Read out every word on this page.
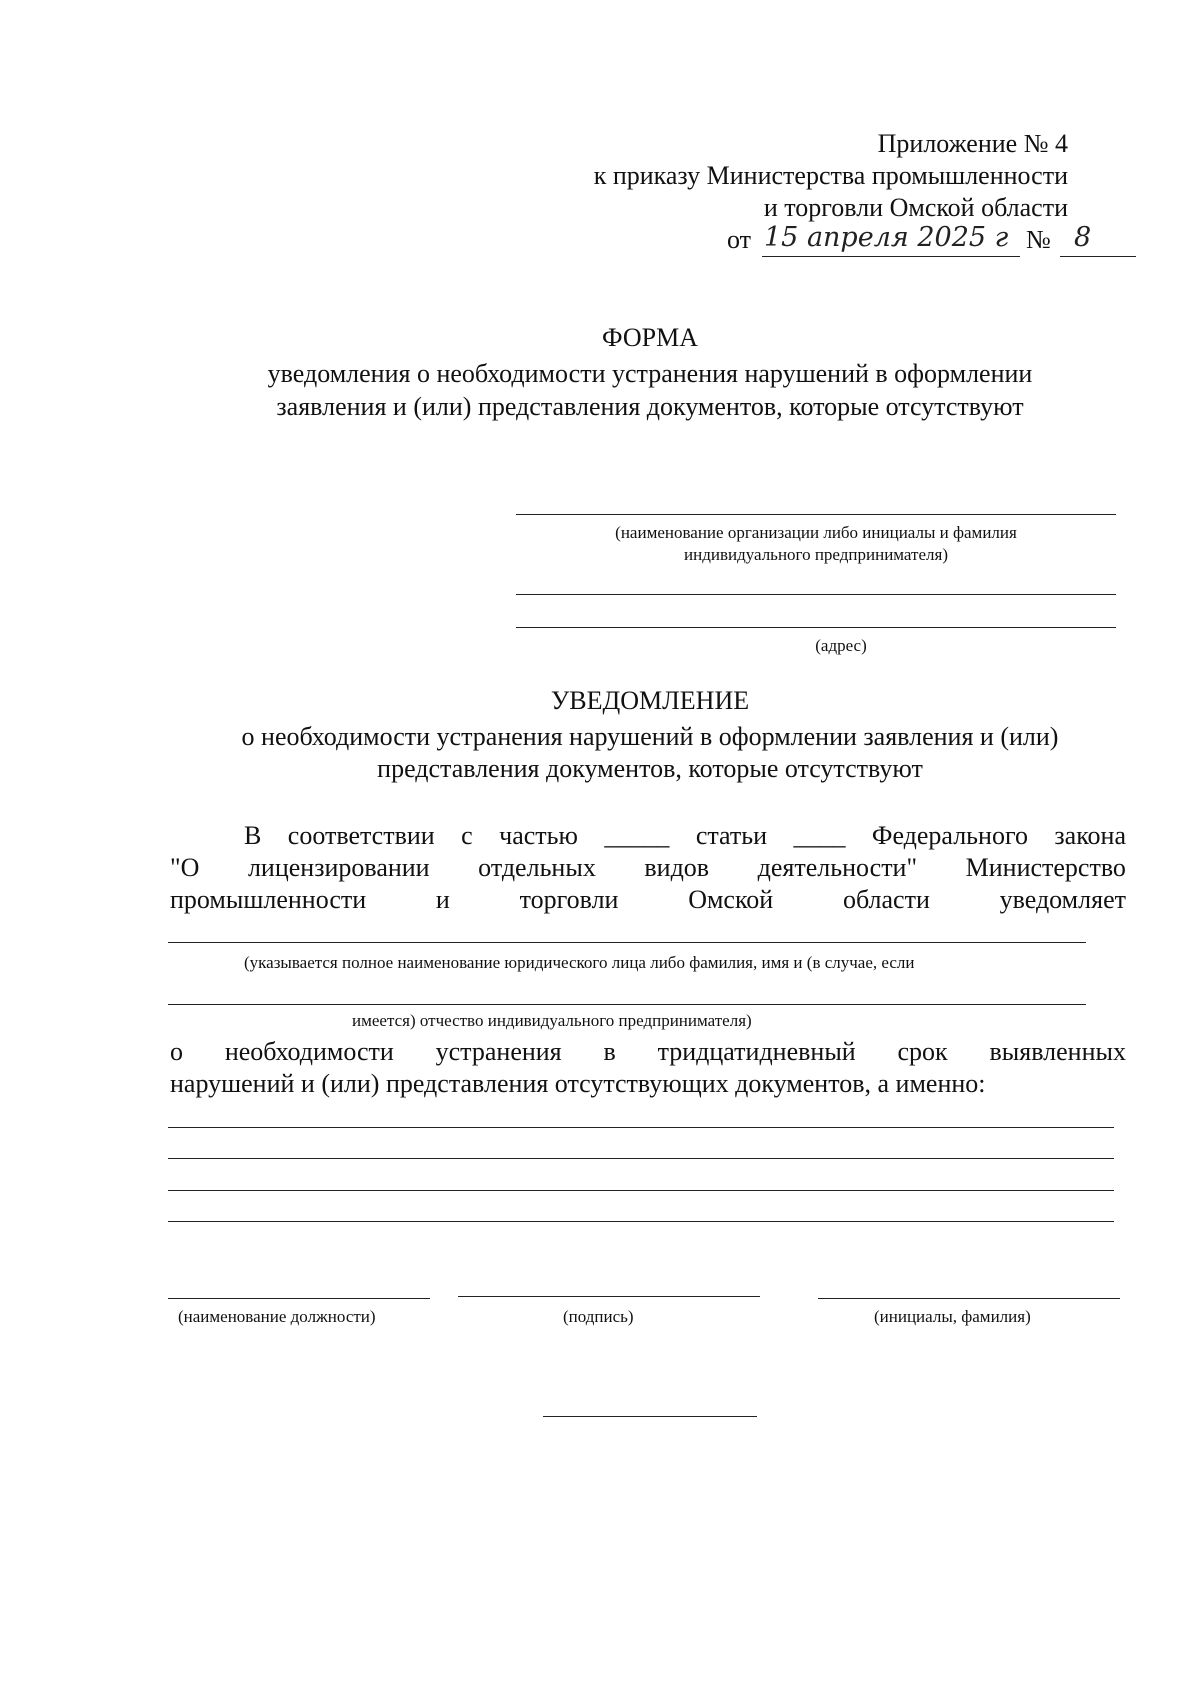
Приложение № 4
к приказу Министерства промышленности
и торговли Омской области
от 15 апреля 2025 г № 8
ФОРМА
уведомления о необходимости устранения нарушений в оформлении
заявления и (или) представления документов, которые отсутствуют
(наименование организации либо инициалы и фамилия
индивидуального предпринимателя)
(адрес)
УВЕДОМЛЕНИЕ
о необходимости устранения нарушений в оформлении заявления и (или)
представления документов, которые отсутствуют
В соответствии с частью _____ статьи ____ Федерального закона
"О лицензировании отдельных видов деятельности" Министерство
промышленности	и	торговли	Омской	области	уведомляет
(указывается полное наименование юридического лица либо фамилия, имя и (в случае, если
имеется) отчество индивидуального предпринимателя)
о необходимости устранения в тридцатидневный срок выявленных
нарушений и (или) представления отсутствующих документов, а именно:
(наименование должности)	(подпись)	(инициалы, фамилия)
